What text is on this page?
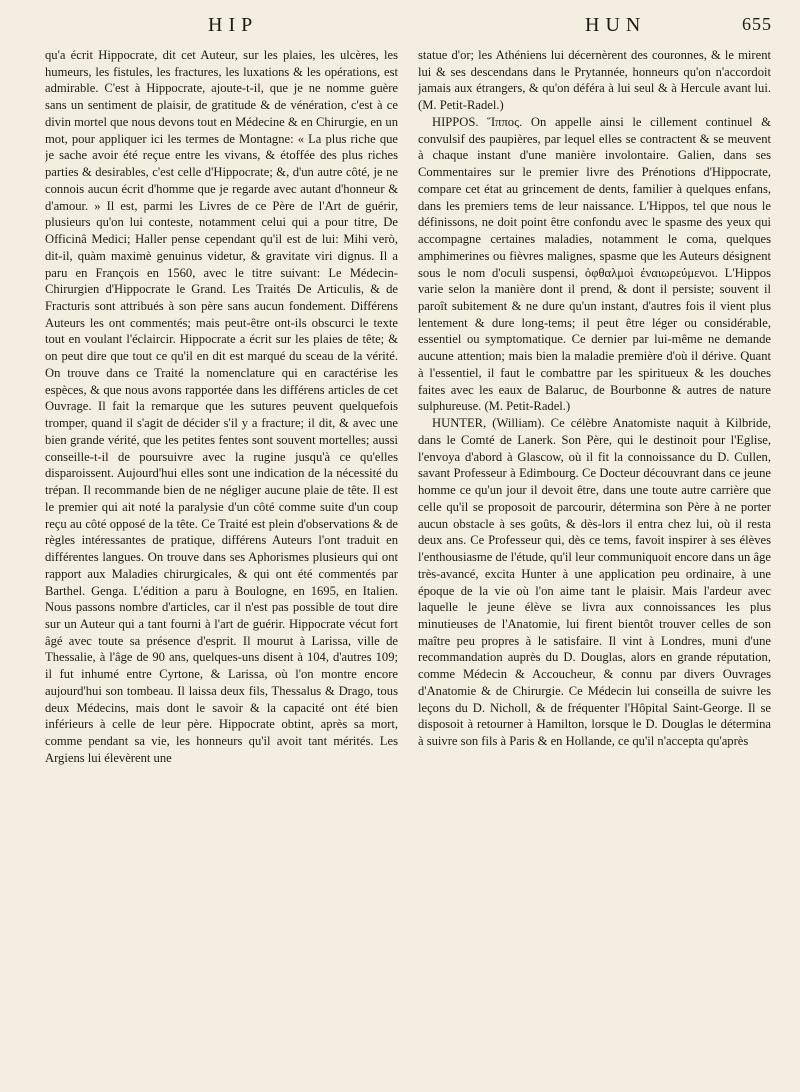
HIP	HUN	655

qu'a écrit Hippocrate, dit cet Auteur, sur les plaies, les ulcères, les humeurs, les fistules, les fractures, les luxations & les opérations, est admirable. C'est à Hippocrate, ajoute-t-il, que je ne nomme guère sans un sentiment de plaisir, de gratitude & de vénération, c'est à ce divin mortel que nous devons tout en Médecine & en Chirurgie, en un mot, pour appliquer ici les termes de Montagne: « La plus riche que je sache avoir été reçue entre les vivans, & étoffée des plus riches parties & desirables, c'est celle d'Hippocrate; &, d'un autre côté, je ne connois aucun écrit d'homme que je regarde avec autant d'honneur & d'amour. » Il est, parmi les Livres de ce Père de l'Art de guérir, plusieurs qu'on lui conteste, notamment celui qui a pour titre, De Officinâ Medici; Haller pense cependant qu'il est de lui: Mihi verò, dit-il, quàm maximè genuinus videtur, & gravitate viri dignus. Il a paru en François en 1560, avec le titre suivant: Le Médecin-Chirurgien d'Hippocrate le Grand. Les Traités De Articulis, & de Fracturis sont attribués à son père sans aucun fondement. Différens Auteurs les ont commentés; mais peut-être ont-ils obscurci le texte tout en voulant l'éclaircir. Hippocrate a écrit sur les plaies de tête; & on peut dire que tout ce qu'il en dit est marqué du sceau de la vérité. On trouve dans ce Traité la nomenclature qui en caractérise les espèces, & que nous avons rapportée dans les différens articles de cet Ouvrage. Il fait la remarque que les sutures peuvent quelquefois tromper, quand il s'agit de décider s'il y a fracture; il dit, & avec une bien grande vérité, que les petites fentes sont souvent mortelles; aussi conseille-t-il de poursuivre avec la rugine jusqu'à ce qu'elles disparoissent. Aujourd'hui elles sont une indication de la nécessité du trépan. Il recommande bien de ne négliger aucune plaie de tête. Il est le premier qui ait noté la paralysie d'un côté comme suite d'un coup reçu au côté opposé de la tête. Ce Traité est plein d'observations & de règles intéressantes de pratique, différens Auteurs l'ont traduit en différentes langues. On trouve dans ses Aphorismes plusieurs qui ont rapport aux Maladies chirurgicales, & qui ont été commentés par Barthel. Genga. L'édition a paru à Boulogne, en 1695, en Italien. Nous passons nombre d'articles, car il n'est pas possible de tout dire sur un Auteur qui a tant fourni à l'art de guérir. Hippocrate vécut fort âgé avec toute sa présence d'esprit. Il mourut à Larissa, ville de Thessalie, à l'âge de 90 ans, quelques-uns disent à 104, d'autres 109; il fut inhumé entre Cyrtone, & Larissa, où l'on montre encore aujourd'hui son tombeau. Il laissa deux fils, Thessalus & Drago, tous deux Médecins, mais dont le savoir & la capacité ont été bien inférieurs à celle de leur père. Hippocrate obtint, après sa mort, comme pendant sa vie, les honneurs qu'il avoit tant mérités. Les Argiens lui élevèrent une

statue d'or; les Athéniens lui décernèrent des couronnes, & le mirent lui & ses descendans dans le Prytannée, honneurs qu'on n'accordoit jamais aux étrangers, & qu'on déféra à lui seul & à Hercule avant lui. (M. Petit-Radel.)

HIPPOS. Ἵππος. On appelle ainsi le cillement continuel & convulsif des paupières, par lequel elles se contractent & se meuvent à chaque instant d'une manière involontaire. Galien, dans ses Commentaires sur le premier livre des Prénotions d'Hippocrate, compare cet état au grincement de dents, familier à quelques enfans, dans les premiers tems de leur naissance. L'Hippos, tel que nous le définissons, ne doit point être confondu avec le spasme des yeux qui accompagne certaines maladies, notamment le coma, quelques amphimerines ou fièvres malignes, spasme que les Auteurs désignent sous le nom d'oculi suspensi, ὀφθαλμοὶ ἐναιωρεύμενοι. L'Hippos varie selon la manière dont il prend, & dont il persiste; souvent il paroît subitement & ne dure qu'un instant, d'autres fois il vient plus lentement & dure long-tems; il peut être léger ou considérable, essentiel ou symptomatique. Ce dernier par lui-même ne demande aucune attention; mais bien la maladie première d'où il dérive. Quant à l'essentiel, il faut le combattre par les spiritueux & les douches faites avec les eaux de Balaruc, de Bourbonne & autres de nature sulphureuse. (M. Petit-Radel.)

HUNTER, (William). Ce célèbre Anatomiste naquit à Kilbride, dans le Comté de Lanerk. Son Père, qui le destinoit pour l'Eglise, l'envoya d'abord à Glascow, où il fit la connoissance du D. Cullen, savant Professeur à Edimbourg. Ce Docteur découvrant dans ce jeune homme ce qu'un jour il devoit être, dans une toute autre carrière que celle qu'il se proposoit de parcourir, détermina son Père à ne porter aucun obstacle à ses goûts, & dès-lors il entra chez lui, où il resta deux ans. Ce Professeur qui, dès ce tems, favoit inspirer à ses élèves l'enthousiasme de l'étude, qu'il leur communiquoit encore dans un âge très-avancé, excita Hunter à une application peu ordinaire, à une époque de la vie où l'on aime tant le plaisir. Mais l'ardeur avec laquelle le jeune élève se livra aux connoissances les plus minutieuses de l'Anatomie, lui firent bientôt trouver celles de son maître peu propres à le satisfaire. Il vint à Londres, muni d'une recommandation auprès du D. Douglas, alors en grande réputation, comme Médecin & Accoucheur, & connu par divers Ouvrages d'Anatomie & de Chirurgie. Ce Médecin lui conseilla de suivre les leçons du D. Nicholl, & de fréquenter l'Hôpital Saint-George. Il se disposoit à retourner à Hamilton, lorsque le D. Douglas le détermina à suivre son fils à Paris & en Hollande, ce qu'il n'accepta qu'après
